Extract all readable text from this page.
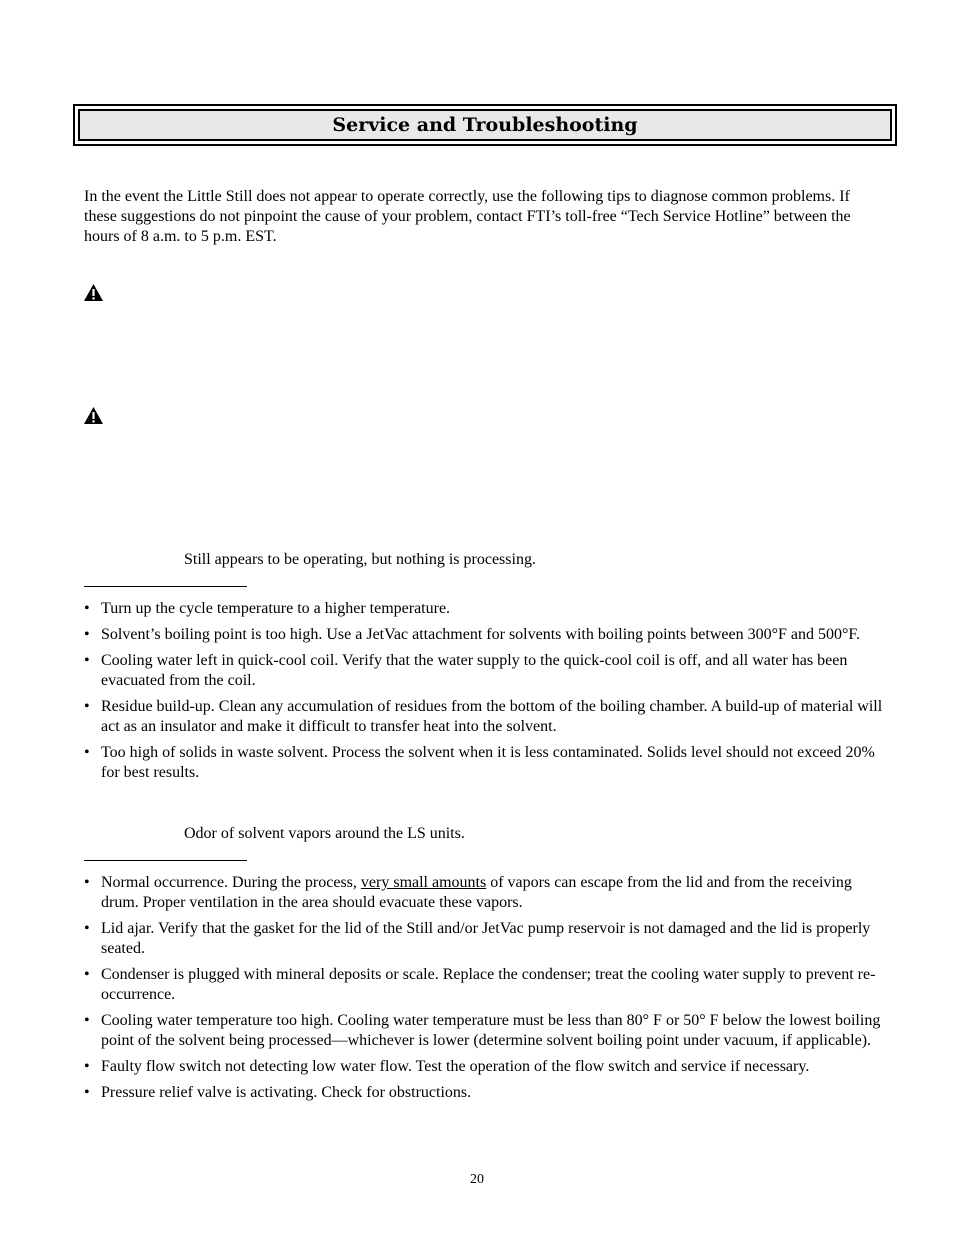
Service and Troubleshooting

In the event the Little Still does not appear to operate correctly, use the following tips to diagnose common problems. If these suggestions do not pinpoint the cause of your problem, contact FTI’s toll-free “Tech Service Hotline” between the hours of 8 a.m. to 5 p.m. EST.

Still appears to be operating, but nothing is processing.

• Turn up the cycle temperature to a higher temperature.
• Solvent’s boiling point is too high. Use a JetVac attachment for solvents with boiling points between 300°F and 500°F.
• Cooling water left in quick-cool coil. Verify that the water supply to the quick-cool coil is off, and all water has been evacuated from the coil.
• Residue build-up. Clean any accumulation of residues from the bottom of the boiling chamber. A build-up of material will act as an insulator and make it difficult to transfer heat into the solvent.
• Too high of solids in waste solvent. Process the solvent when it is less contaminated. Solids level should not exceed 20% for best results.

Odor of solvent vapors around the LS units.

• Normal occurrence. During the process, very small amounts of vapors can escape from the lid and from the receiving drum. Proper ventilation in the area should evacuate these vapors.
• Lid ajar. Verify that the gasket for the lid of the Still and/or JetVac pump reservoir is not damaged and the lid is properly seated.
• Condenser is plugged with mineral deposits or scale. Replace the condenser; treat the cooling water supply to prevent re-occurrence.
• Cooling water temperature too high. Cooling water temperature must be less than 80° F or 50° F below the lowest boiling point of the solvent being processed—whichever is lower (determine solvent boiling point under vacuum, if applicable).
• Faulty flow switch not detecting low water flow. Test the operation of the flow switch and service if necessary.
• Pressure relief valve is activating. Check for obstructions.
20
